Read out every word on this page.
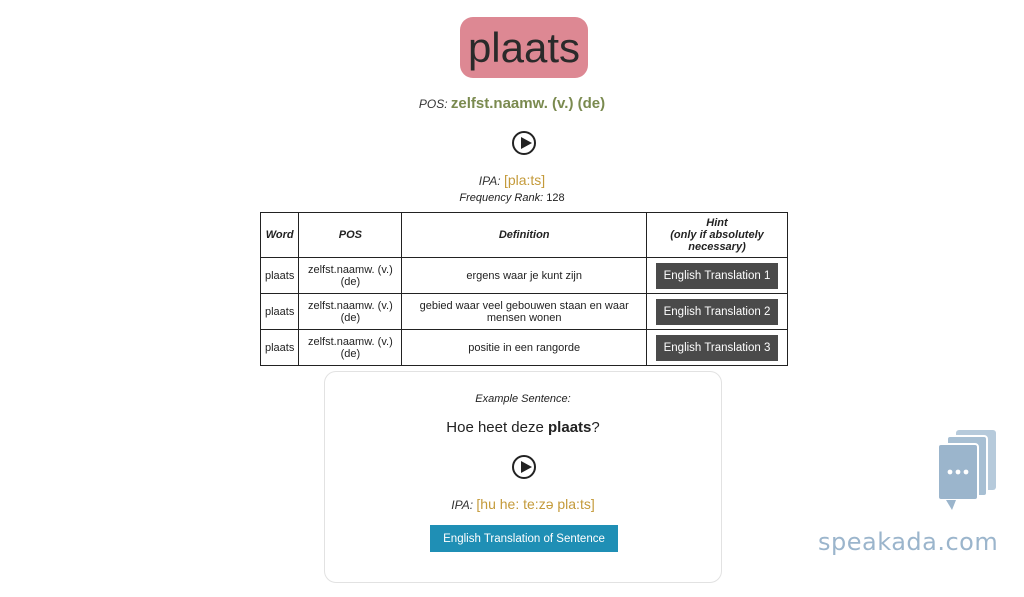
plaats
POS: zelfst.naamw. (v.) (de)
IPA: [pla:ts]
Frequency Rank: 128
Word	POS	Definition	Hint
(only if absolutely necessary)
plaats	zelfst.naamw. (v.) (de)	ergens waar je kunt zijn	English Translation 1
plaats	zelfst.naamw. (v.) (de)	gebied waar veel gebouwen staan en waar mensen wonen	English Translation 2
plaats	zelfst.naamw. (v.) (de)	positie in een rangorde	English Translation 3
Example Sentence:
Hoe heet deze plaats?
IPA: [hu he: te:zə pla:ts]
English Translation of Sentence	speakada.com
